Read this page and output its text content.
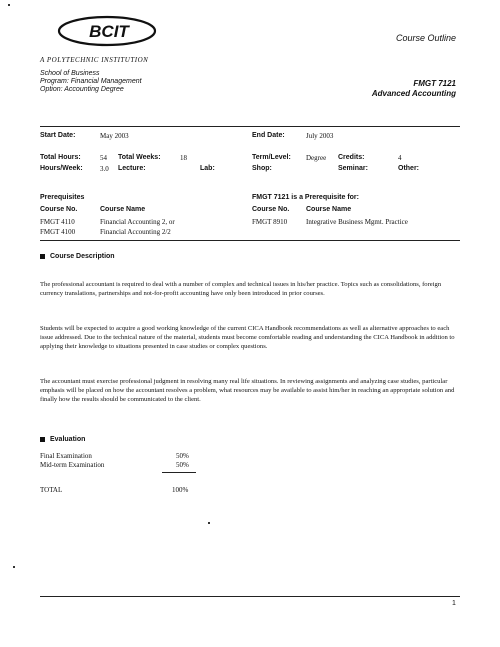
BCIT
A POLYTECHNIC INSTITUTION
Course Outline
School of Business
Program: Financial Management
Option: Accounting Degree
FMGT 7121
Advanced Accounting
Start Date:	May 2003	End Date:	July 2003
Total Hours:	54 Total Weeks:	18	Term/Level: Degree Credits:	4
Hours/Week: 3.0 Lecture:	Lab:	Shop:	Seminar:	Other:
Prerequisites
Course No.	Course Name
FMGT 4110	Financial Accounting 2, or
FMGT 4100	Financial Accounting 2/2
FMGT 7121 is a Prerequisite for:
Course No. Course Name
FMGT 8910	Integrative Business Mgmt. Practice
Course Description
The professional accountant is required to deal with a number of complex and technical issues in his/her practice. Topics such as consolidations, foreign currency translations, partnerships and not-for-profit accounting have only been introduced in prior courses.
Students will be expected to acquire a good working knowledge of the current CICA Handbook recommendations as well as alternative approaches to each issue addressed. Due to the technical nature of the material, students must become comfortable reading and understanding the CICA Handbook in addition to applying their knowledge to situations presented in case studies or complex questions.
The accountant must exercise professional judgment in resolving many real life situations. In reviewing assignments and analyzing case studies, particular emphasis will be placed on how the accountant resolves a problem, what resources may be available to assist him/her in reaching an appropriate solution and finally how the results should be communicated to the client.
Evaluation
Final Examination	50%
Mid-term Examination	50%
TOTAL	100%
1
